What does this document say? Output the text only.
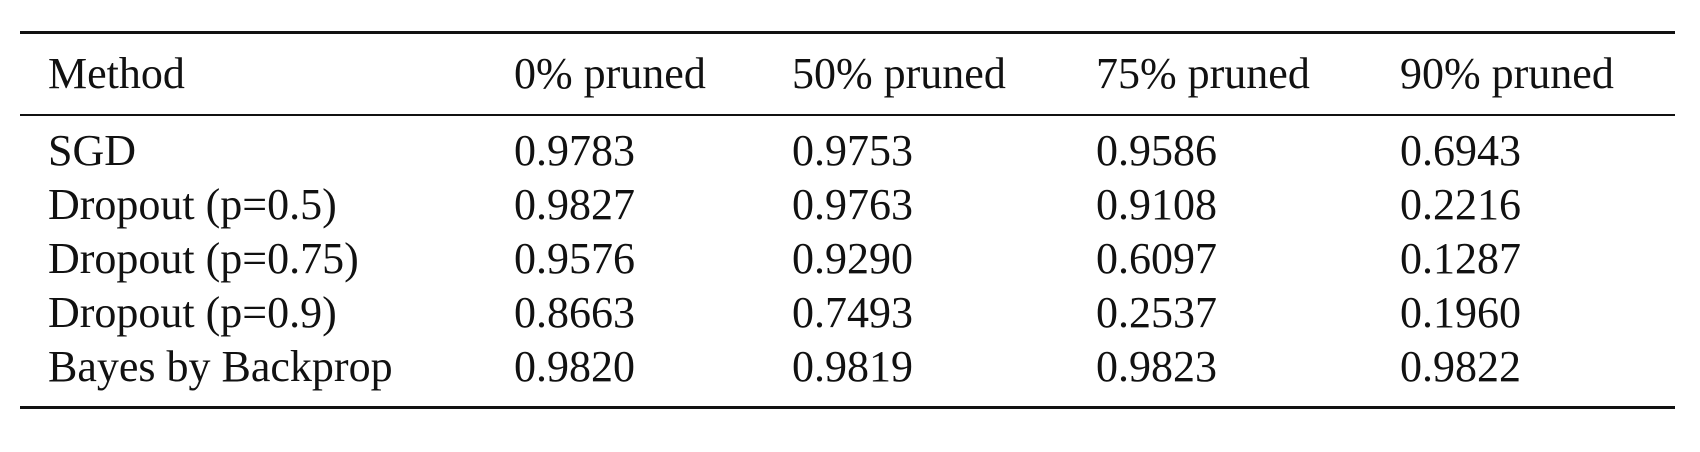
Method	0% pruned	50% pruned	75% pruned	90% pruned
SGD	0.9783	0.9753	0.9586	0.6943
Dropout (p=0.5)	0.9827	0.9763	0.9108	0.2216
Dropout (p=0.75)	0.9576	0.9290	0.6097	0.1287
Dropout (p=0.9)	0.8663	0.7493	0.2537	0.1960
Bayes by Backprop	0.9820	0.9819	0.9823	0.9822
